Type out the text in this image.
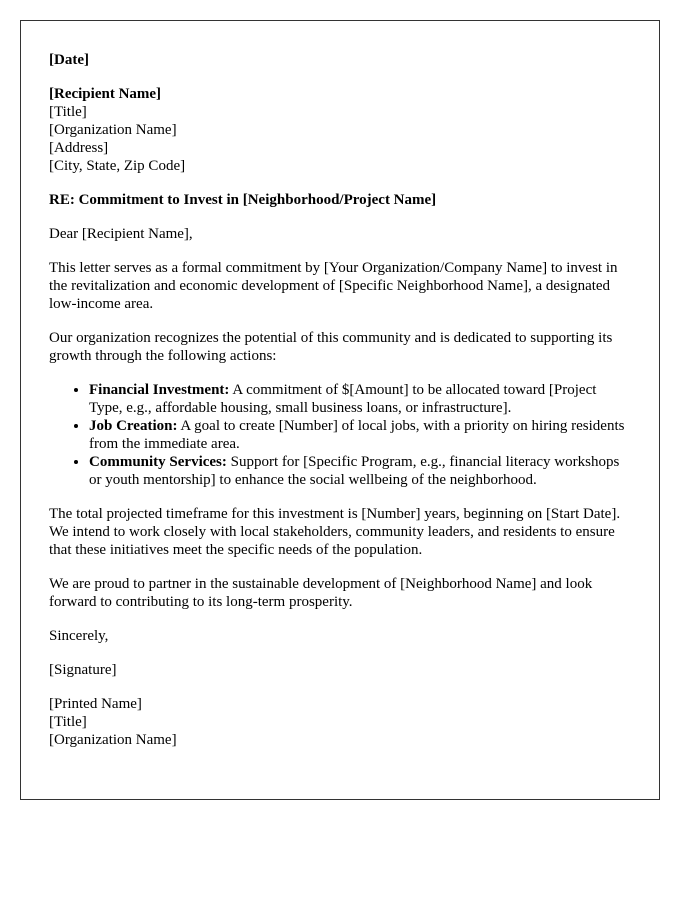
[Date]
[Recipient Name]
[Title]
[Organization Name]
[Address]
[City, State, Zip Code]
RE: Commitment to Invest in [Neighborhood/Project Name]

Dear [Recipient Name],

This letter serves as a formal commitment by [Your Organization/Company Name] to invest in the revitalization and economic development of [Specific Neighborhood Name], a designated low-income area.

Our organization recognizes the potential of this community and is dedicated to supporting its growth through the following actions:

• Financial Investment: A commitment of $[Amount] to be allocated toward [Project Type, e.g., affordable housing, small business loans, or infrastructure].
• Job Creation: A goal to create [Number] of local jobs, with a priority on hiring residents from the immediate area.
• Community Services: Support for [Specific Program, e.g., financial literacy workshops or youth mentorship] to enhance the social wellbeing of the neighborhood.

The total projected timeframe for this investment is [Number] years, beginning on [Start Date]. We intend to work closely with local stakeholders, community leaders, and residents to ensure that these initiatives meet the specific needs of the population.

We are proud to partner in the sustainable development of [Neighborhood Name] and look forward to contributing to its long-term prosperity.

Sincerely,

[Signature]

[Printed Name]
[Title]
[Organization Name]
